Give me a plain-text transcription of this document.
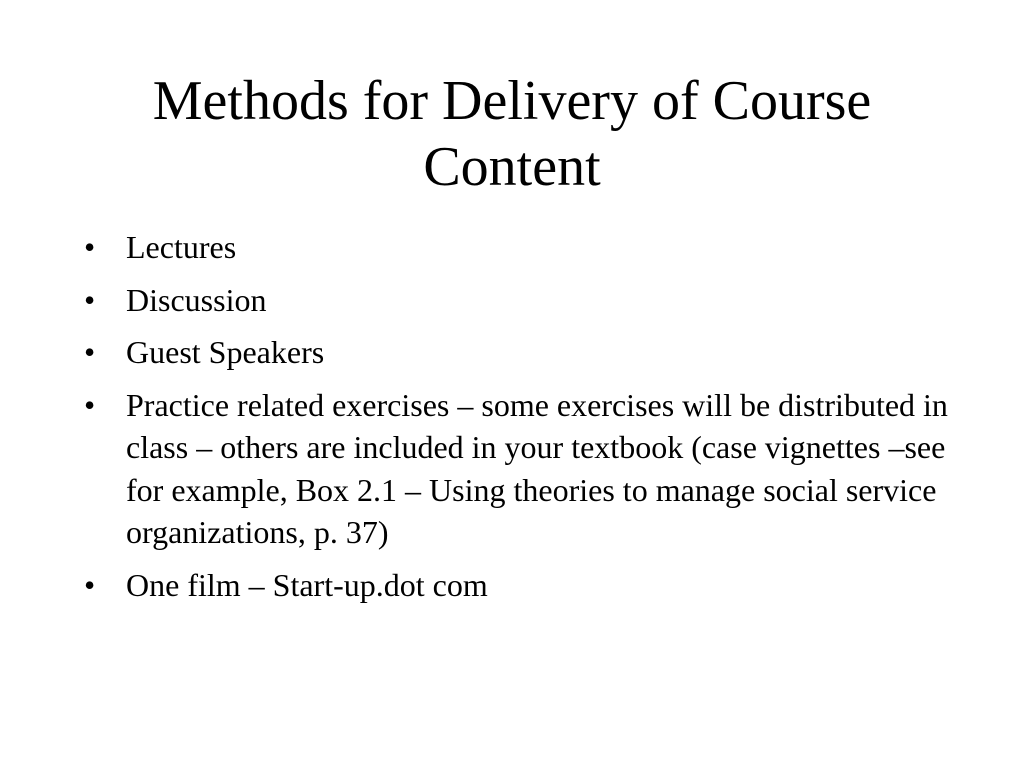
Methods for Delivery of Course Content
• Lectures
• Discussion
• Guest Speakers
• Practice related exercises – some exercises will be distributed in class – others are included in your textbook (case vignettes –see for example, Box 2.1 – Using theories to manage social service organizations, p. 37)
• One film – Start-up.dot com
